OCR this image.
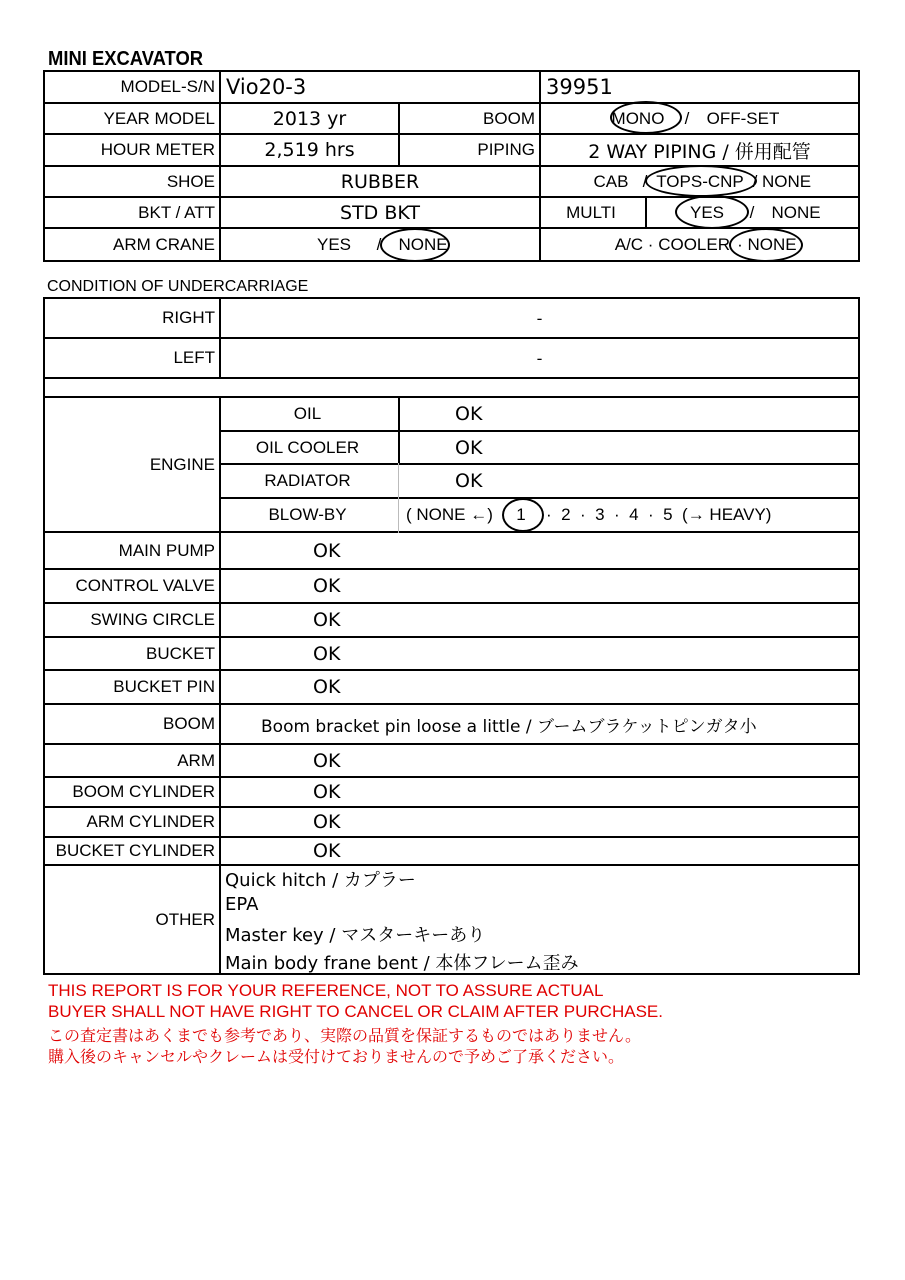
MINI EXCAVATOR
MODEL-S/N Vio20-3	39951
YEAR MODEL	2013 yr	BOOM	MONO	/	OFF-SET
HOUR METER	2,519 hrs	PIPING	2 WAY PIPING / 併用配管
SHOE	RUBBER	CAB / TOPS-CNP / NONE
BKT / ATT	STD BKT	MULTI	YES	/	NONE
ARM CRANE	YES	/	NONE	A/C · COOLER · NONE
CONDITION OF UNDERCARRIAGE
RIGHT	-
LEFT	-
ENGINE
OIL	OK
OIL COOLER	OK
RADIATOR	OK
BLOW-BY	( NONE ←)	1	·  2  ·  3  ·  4  ·  5  (→ HEAVY)
MAIN PUMP	OK
CONTROL VALVE	OK
SWING CIRCLE	OK
BUCKET	OK
BUCKET PIN	OK
BOOM	Boom bracket pin loose a little / ブームブラケットピンガタ小
ARM	OK
BOOM CYLINDER	OK
ARM CYLINDER	OK
BUCKET CYLINDER	OK
OTHER
Quick hitch / カプラー
EPA
Master key / マスターキーあり
Main body frane bent / 本体フレーム歪み
THIS REPORT IS FOR YOUR REFERENCE, NOT TO ASSURE ACTUAL
BUYER SHALL NOT HAVE RIGHT TO CANCEL OR CLAIM AFTER PURCHASE.
この査定書はあくまでも参考であり、実際の品質を保証するものではありません。
購入後のキャンセルやクレームは受付けておりませんので予めご了承ください。
